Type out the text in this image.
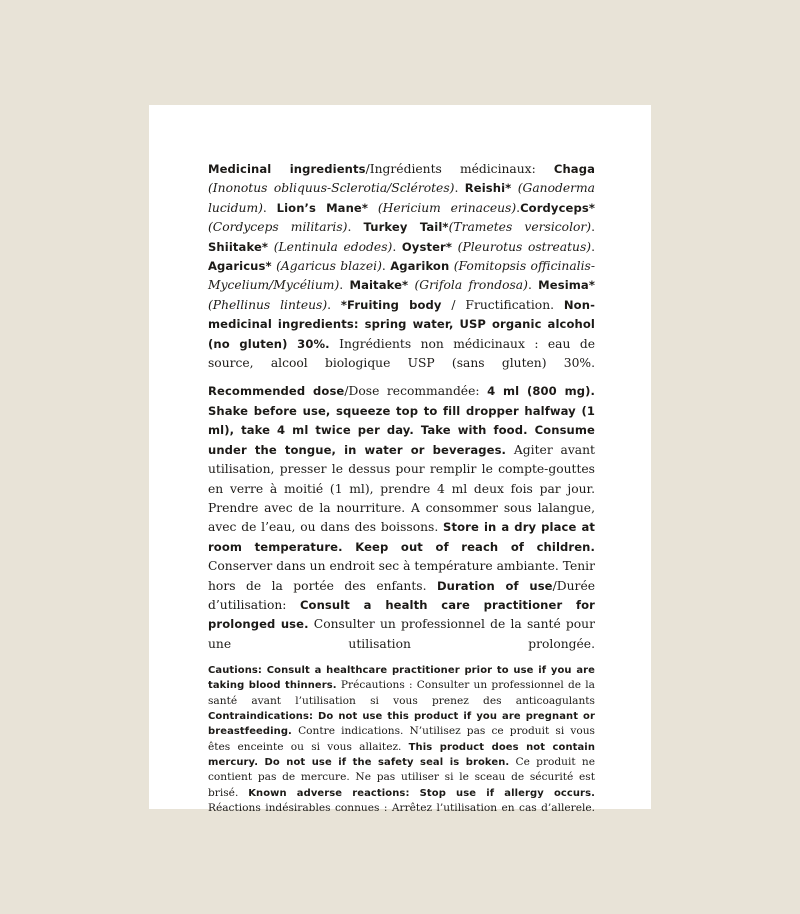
Medicinal ingredients/Ingrédients médicinaux: Chaga (Inonotus obliquus-Sclerotia/Sclérotes). Reishi* (Ganoderma lucidum). Lion’s Mane* (Hericium erinaceus).Cordyceps* (Cordyceps militaris). Turkey Tail*(Trametes versicolor). Shiitake* (Lentinula edodes). Oyster* (Pleurotus ostreatus). Agaricus* (Agaricus blazei). Agarikon (Fomitopsis officinalis-Mycelium/Mycélium). Maitake* (Grifola frondosa). Mesima* (Phellinus linteus). *Fruiting body / Fructification. Non-medicinal ingredients: spring water, USP organic alcohol (no gluten) 30%. Ingrédients non médicinaux : eau de source, alcool biologique USP (sans gluten) 30%.

Recommended dose/Dose recommandée: 4 ml (800 mg). Shake before use, squeeze top to fill dropper halfway (1 ml), take 4 ml twice per day. Take with food. Consume under the tongue, in water or beverages. Agiter avant utilisation, presser le dessus pour remplir le compte-gouttes en verre à moitié (1 ml), prendre 4 ml deux fois par jour. Prendre avec de la nourriture. A consommer sous lalangue, avec de l’eau, ou dans des boissons. Store in a dry place at room temperature. Keep out of reach of children. Conserver dans un endroit sec à température ambiante. Tenir hors de la portée des enfants. Duration of use/Durée d’utilisation: Consult a health care practitioner for prolonged use. Consulter un professionnel de la santé pour une utilisation prolongée.

Cautions: Consult a healthcare practitioner prior to use if you are taking blood thinners. Précautions : Consulter un professionnel de la santé avant l’utilisation si vous prenez des anticoagulants Contraindications: Do not use this product if you are pregnant or breastfeeding. Contre indications. N’utilisez pas ce produit si vous êtes enceinte ou si vous allaitez. This product does not contain mercury. Do not use if the safety seal is broken. Ce produit ne contient pas de mercure. Ne pas utiliser si le sceau de sécurité est brisé. Known adverse reactions: Stop use if allergy occurs. Réactions indésirables connues : Arrêtez l’utilisation en cas d’allerele.
